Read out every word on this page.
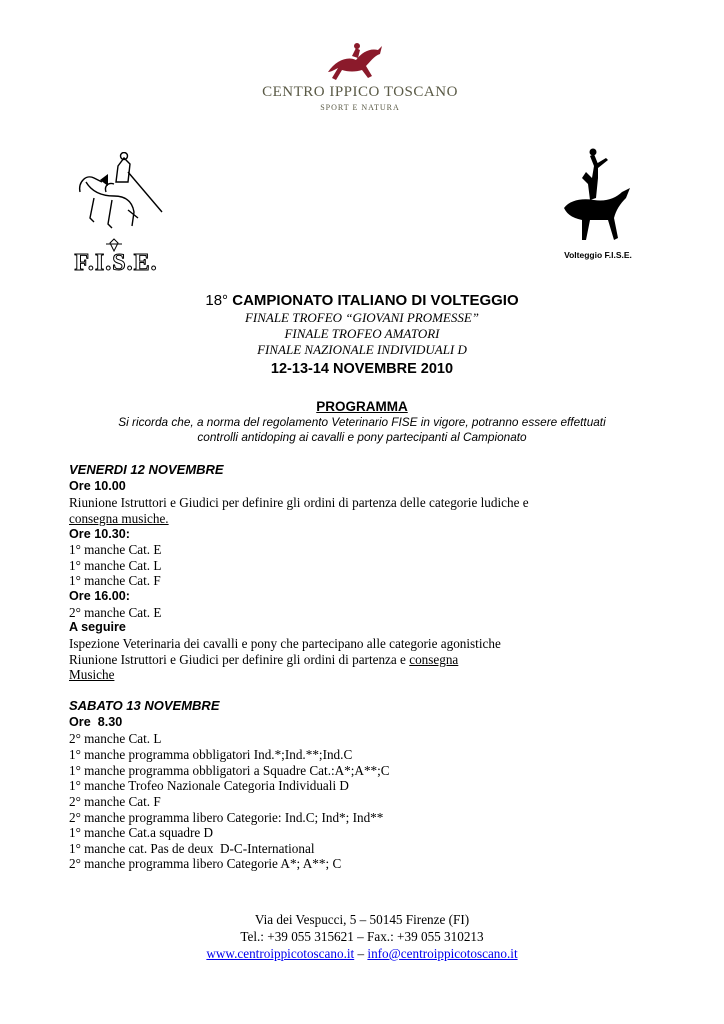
CENTRO IPPICO TOSCANO
SPORT E NATURA
F.I.S.E.	Volteggio F.I.S.E.
18° CAMPIONATO ITALIANO DI VOLTEGGIO
FINALE TROFEO “GIOVANI PROMESSE”
FINALE TROFEO AMATORI
FINALE NAZIONALE INDIVIDUALI D
12-13-14 NOVEMBRE 2010
PROGRAMMA
Si ricorda che, a norma del regolamento Veterinario FISE in vigore, potranno essere effettuati
controlli antidoping ai cavalli e pony partecipanti al Campionato
VENERDI 12 NOVEMBRE
Ore 10.00
Riunione Istruttori e Giudici per definire gli ordini di partenza delle categorie ludiche e
consegna musiche.
Ore 10.30:
1° manche Cat. E
1° manche Cat. L
1° manche Cat. F
Ore 16.00:
2° manche Cat. E
A seguire
Ispezione Veterinaria dei cavalli e pony che partecipano alle categorie agonistiche
Riunione Istruttori e Giudici per definire gli ordini di partenza e consegna
Musiche
SABATO 13 NOVEMBRE
Ore  8.30
2° manche Cat. L
1° manche programma obbligatori Ind.*;Ind.**;Ind.C
1° manche programma obbligatori a Squadre Cat.:A*;A**;C
1° manche Trofeo Nazionale Categoria Individuali D
2° manche Cat. F
2° manche programma libero Categorie: Ind.C; Ind*; Ind**
1° manche Cat.a squadre D
1° manche cat. Pas de deux  D-C-International
2° manche programma libero Categorie A*; A**; C
Via dei Vespucci, 5 – 50145 Firenze (FI)
Tel.: +39 055 315621 – Fax.: +39 055 310213
www.centroippicotoscano.it – info@centroippicotoscano.it
